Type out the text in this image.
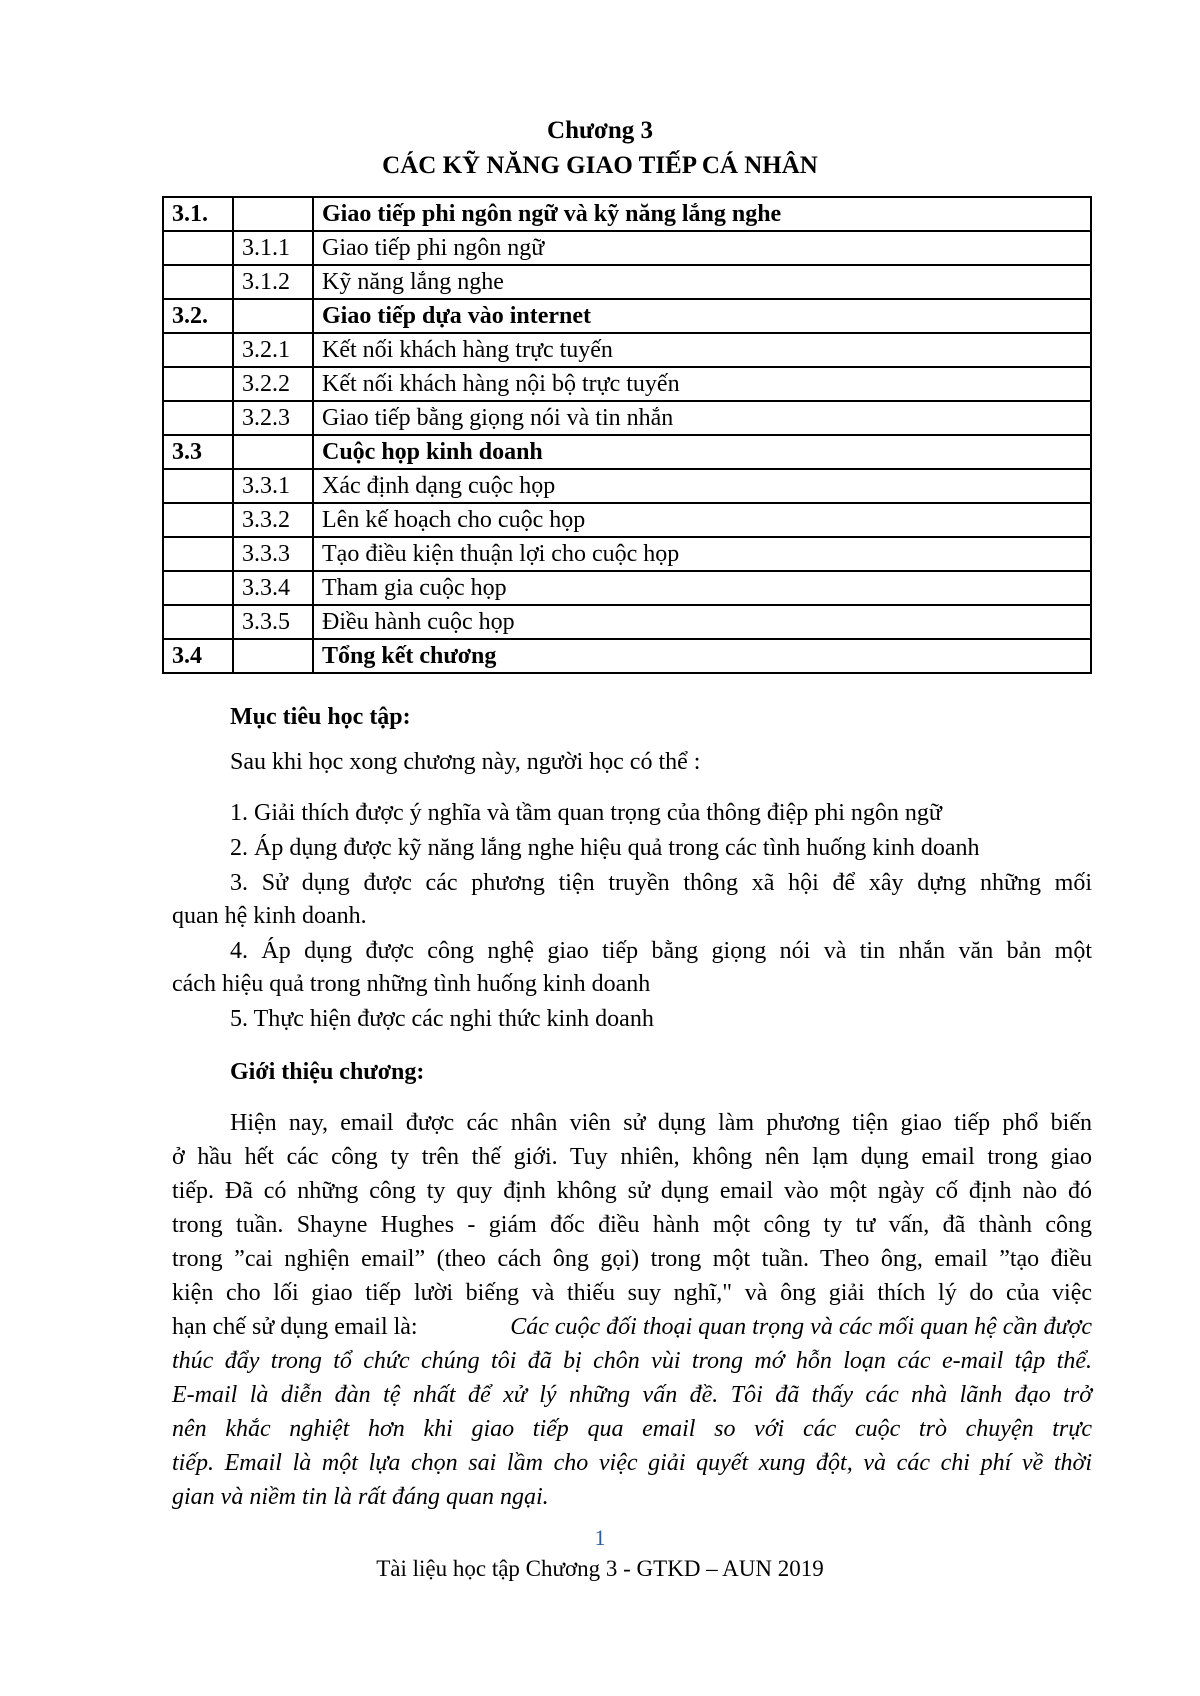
Chương 3
CÁC KỸ NĂNG GIAO TIẾP CÁ NHÂN
3.1.		Giao tiếp phi ngôn ngữ và kỹ năng lắng nghe
	3.1.1	Giao tiếp phi ngôn ngữ
	3.1.2	Kỹ năng lắng nghe
3.2.		Giao tiếp dựa vào internet
	3.2.1	Kết nối khách hàng trực tuyến
	3.2.2	Kết nối khách hàng nội bộ trực tuyến
	3.2.3	Giao tiếp bằng giọng nói và tin nhắn
3.3		Cuộc họp kinh doanh
	3.3.1	Xác định dạng cuộc họp
	3.3.2	Lên kế hoạch cho cuộc họp
	3.3.3	Tạo điều kiện thuận lợi cho cuộc họp
	3.3.4	Tham gia cuộc họp
	3.3.5	Điều hành cuộc họp
3.4		Tổng kết chương
Mục tiêu học tập:
Sau khi học xong chương này, người học có thể :
1. Giải thích được ý nghĩa và tầm quan trọng của thông điệp phi ngôn ngữ
2. Áp dụng được kỹ năng lắng nghe hiệu quả trong các tình huống kinh doanh
3. Sử dụng được các phương tiện truyền thông xã hội để xây dựng những mối
quan hệ kinh doanh.
4. Áp dụng được công nghệ giao tiếp bằng giọng nói và tin nhắn văn bản một
cách hiệu quả trong những tình huống kinh doanh
5. Thực hiện được các nghi thức kinh doanh
Giới thiệu chương:
Hiện nay, email được các nhân viên sử dụng làm phương tiện giao tiếp phổ biến
ở hầu hết các công ty trên thế giới. Tuy nhiên, không nên lạm dụng email trong giao
tiếp. Đã có những công ty quy định không sử dụng email vào một ngày cố định nào đó
trong tuần. Shayne Hughes - giám đốc điều hành một công ty tư vấn, đã thành công
trong ”cai nghiện email” (theo cách ông gọi) trong một tuần. Theo ông, email ”tạo điều
kiện cho lối giao tiếp lười biếng và thiếu suy nghĩ," và ông giải thích lý do của việc
hạn chế sử dụng email là:	Các cuộc đối thoại quan trọng và các mối quan hệ cần được
thúc đẩy trong tổ chức chúng tôi đã bị chôn vùi trong mớ hỗn loạn các e-mail tập thể.
E-mail là diễn đàn tệ nhất để xử lý những vấn đề. Tôi đã thấy các nhà lãnh đạo trở
nên khắc nghiệt hơn khi giao tiếp qua email so với các cuộc trò chuyện trực
tiếp. Email là một lựa chọn sai lầm cho việc giải quyết xung đột, và các chi phí về thời
gian và niềm tin là rất đáng quan ngại.
1
Tài liệu học tập Chương 3 - GTKD – AUN 2019
